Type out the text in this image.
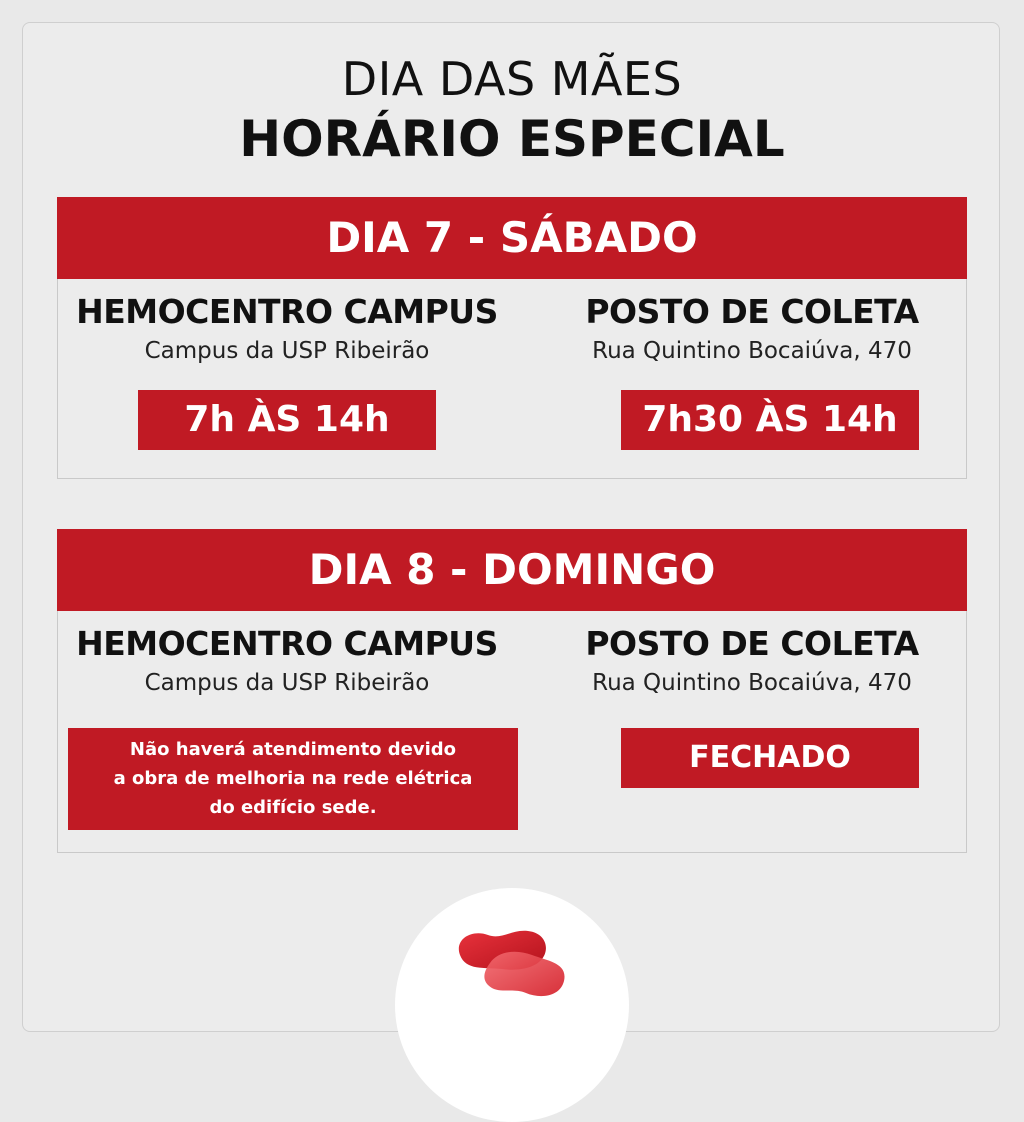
DIA DAS MÃES
HORÁRIO ESPECIAL
DIA 7 - SÁBADO
HEMOCENTRO CAMPUS
Campus da USP Ribeirão
7h ÀS 14h
POSTO DE COLETA
Rua Quintino Bocaiúva, 470
7h30 ÀS 14h
DIA 8 - DOMINGO
HEMOCENTRO CAMPUS
Campus da USP Ribeirão
Não haverá atendimento devido
a obra de melhoria na rede elétrica
do edifício sede.
POSTO DE COLETA
Rua Quintino Bocaiúva, 470
FECHADO
